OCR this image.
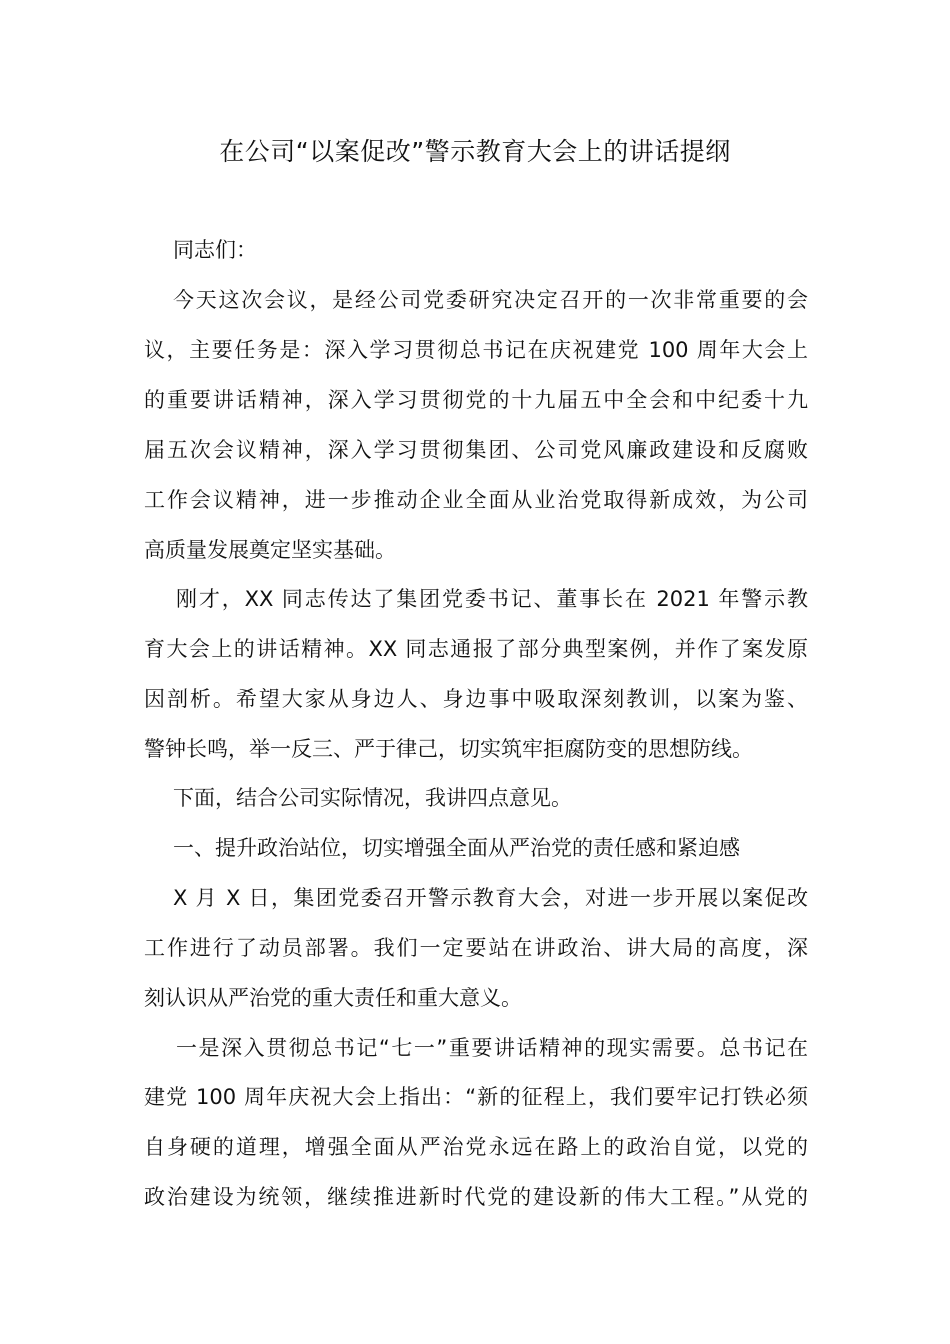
在公司“以案促改”警示教育大会上的讲话提纲
同志们：
今天这次会议，是经公司党委研究决定召开的一次非常重要的会
议，主要任务是：深入学习贯彻总书记在庆祝建党 100 周年大会上
的重要讲话精神，深入学习贯彻党的十九届五中全会和中纪委十九
届五次会议精神，深入学习贯彻集团、公司党风廉政建设和反腐败
工作会议精神，进一步推动企业全面从业治党取得新成效，为公司
高质量发展奠定坚实基础。
刚才，XX 同志传达了集团党委书记、董事长在 2021 年警示教
育大会上的讲话精神。XX 同志通报了部分典型案例，并作了案发原
因剖析。希望大家从身边人、身边事中吸取深刻教训，以案为鉴、
警钟长鸣，举一反三、严于律己，切实筑牢拒腐防变的思想防线。
下面，结合公司实际情况，我讲四点意见。
一、提升政治站位，切实增强全面从严治党的责任感和紧迫感
X 月 X 日，集团党委召开警示教育大会，对进一步开展以案促改
工作进行了动员部署。我们一定要站在讲政治、讲大局的高度，深
刻认识从严治党的重大责任和重大意义。
一是深入贯彻总书记“七一”重要讲话精神的现实需要。总书记在
建党 100 周年庆祝大会上指出：“新的征程上，我们要牢记打铁必须
自身硬的道理，增强全面从严治党永远在路上的政治自觉，以党的
政治建设为统领，继续推进新时代党的建设新的伟大工程。”从党的
